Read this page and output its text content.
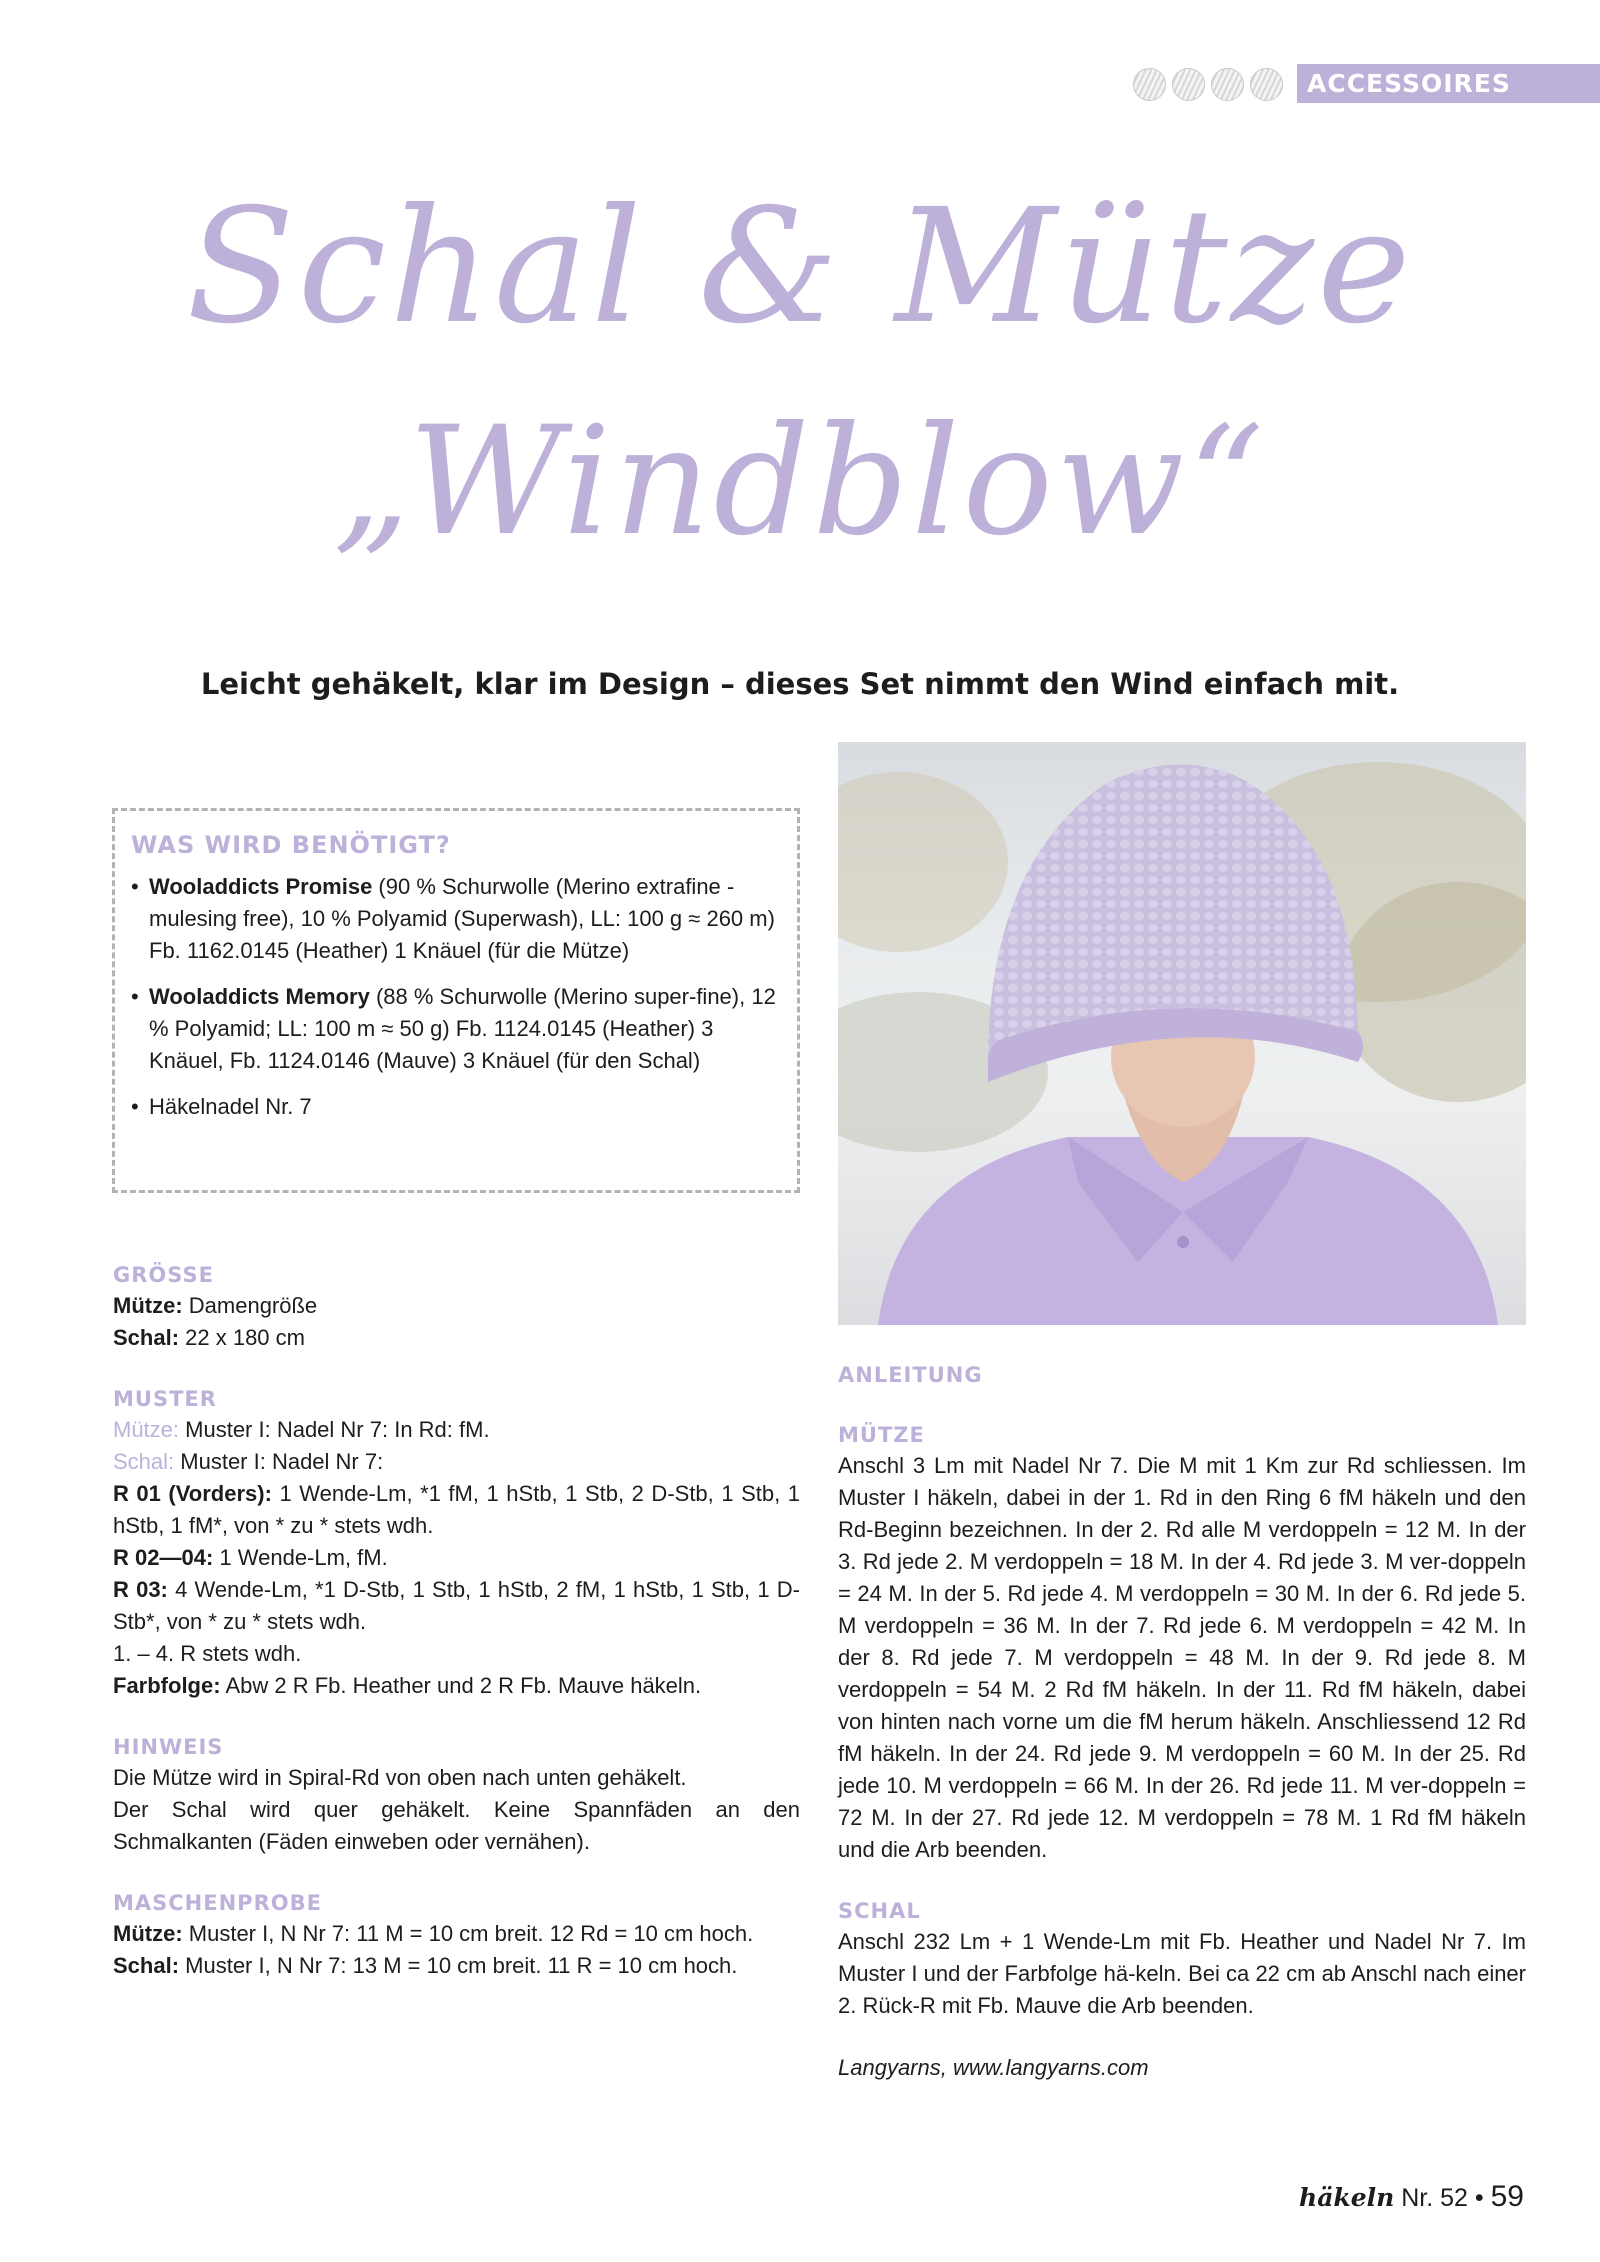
ACCESSOIRES
Schal & Mütze
„Windblow“
Leicht gehäkelt, klar im Design – dieses Set nimmt den Wind einfach mit.
WAS WIRD BENÖTIGT?
• Wooladdicts Promise (90 % Schurwolle (Merino extrafine - mulesing free), 10 % Polyamid (Superwash), LL: 100 g ≈ 260 m) Fb. 1162.0145 (Heather) 1 Knäuel (für die Mütze)
• Wooladdicts Memory (88 % Schurwolle (Merino super-fine), 12 % Polyamid; LL: 100 m ≈ 50 g) Fb. 1124.0145 (Heather) 3 Knäuel, Fb. 1124.0146 (Mauve) 3 Knäuel (für den Schal)
• Häkelnadel Nr. 7

GRÖSSE

Mütze: Damengröße

Schal: 22 x 180 cm

MUSTER

Mütze: Muster I: Nadel Nr 7: In Rd: fM.

Schal: Muster I: Nadel Nr 7:

R 01 (Vorders): 1 Wende-Lm, *1 fM, 1 hStb, 1 Stb, 2 D-Stb, 1 Stb, 1 hStb, 1 fM*, von * zu * stets wdh.

R 02—04: 1 Wende-Lm, fM.

R 03: 4 Wende-Lm, *1 D-Stb, 1 Stb, 1 hStb, 2 fM, 1 hStb, 1 Stb, 1 D-Stb*, von * zu * stets wdh.

1. – 4. R stets wdh.

Farbfolge: Abw 2 R Fb. Heather und 2 R Fb. Mauve häkeln.

HINWEIS

Die Mütze wird in Spiral-Rd von oben nach unten gehäkelt.

Der Schal wird quer gehäkelt. Keine Spannfäden an den Schmalkanten (Fäden einweben oder vernähen).

MASCHENPROBE

Mütze: Muster I, N Nr 7: 11 M = 10 cm breit. 12 Rd = 10 cm hoch.

Schal: Muster I, N Nr 7: 13 M = 10 cm breit. 11 R = 10 cm hoch.

ANLEITUNG

MÜTZE

Anschl 3 Lm mit Nadel Nr 7. Die M mit 1 Km zur Rd schliessen. Im Muster I häkeln, dabei in der 1. Rd in den Ring 6 fM häkeln und den Rd-Beginn bezeichnen. In der 2. Rd alle M verdoppeln = 12 M. In der 3. Rd jede 2. M verdoppeln = 18 M. In der 4. Rd jede 3. M ver-doppeln = 24 M. In der 5. Rd jede 4. M verdoppeln = 30 M. In der 6. Rd jede 5. M verdoppeln = 36 M. In der 7. Rd jede 6. M verdoppeln = 42 M. In der 8. Rd jede 7. M verdoppeln = 48 M. In der 9. Rd jede 8. M verdoppeln = 54 M. 2 Rd fM häkeln. In der 11. Rd fM häkeln, dabei von hinten nach vorne um die fM herum häkeln. Anschliessend 12 Rd fM häkeln. In der 24. Rd jede 9. M verdoppeln = 60 M. In der 25. Rd jede 10. M verdoppeln = 66 M. In der 26. Rd jede 11. M ver-doppeln = 72 M. In der 27. Rd jede 12. M verdoppeln = 78 M. 1 Rd fM häkeln und die Arb beenden.

SCHAL

Anschl 232 Lm + 1 Wende-Lm mit Fb. Heather und Nadel Nr 7. Im Muster I und der Farbfolge hä-keln. Bei ca 22 cm ab Anschl nach einer 2. Rück-R mit Fb. Mauve die Arb beenden.

Langyarns, www.langyarns.com

häkeln Nr. 52 • 59
